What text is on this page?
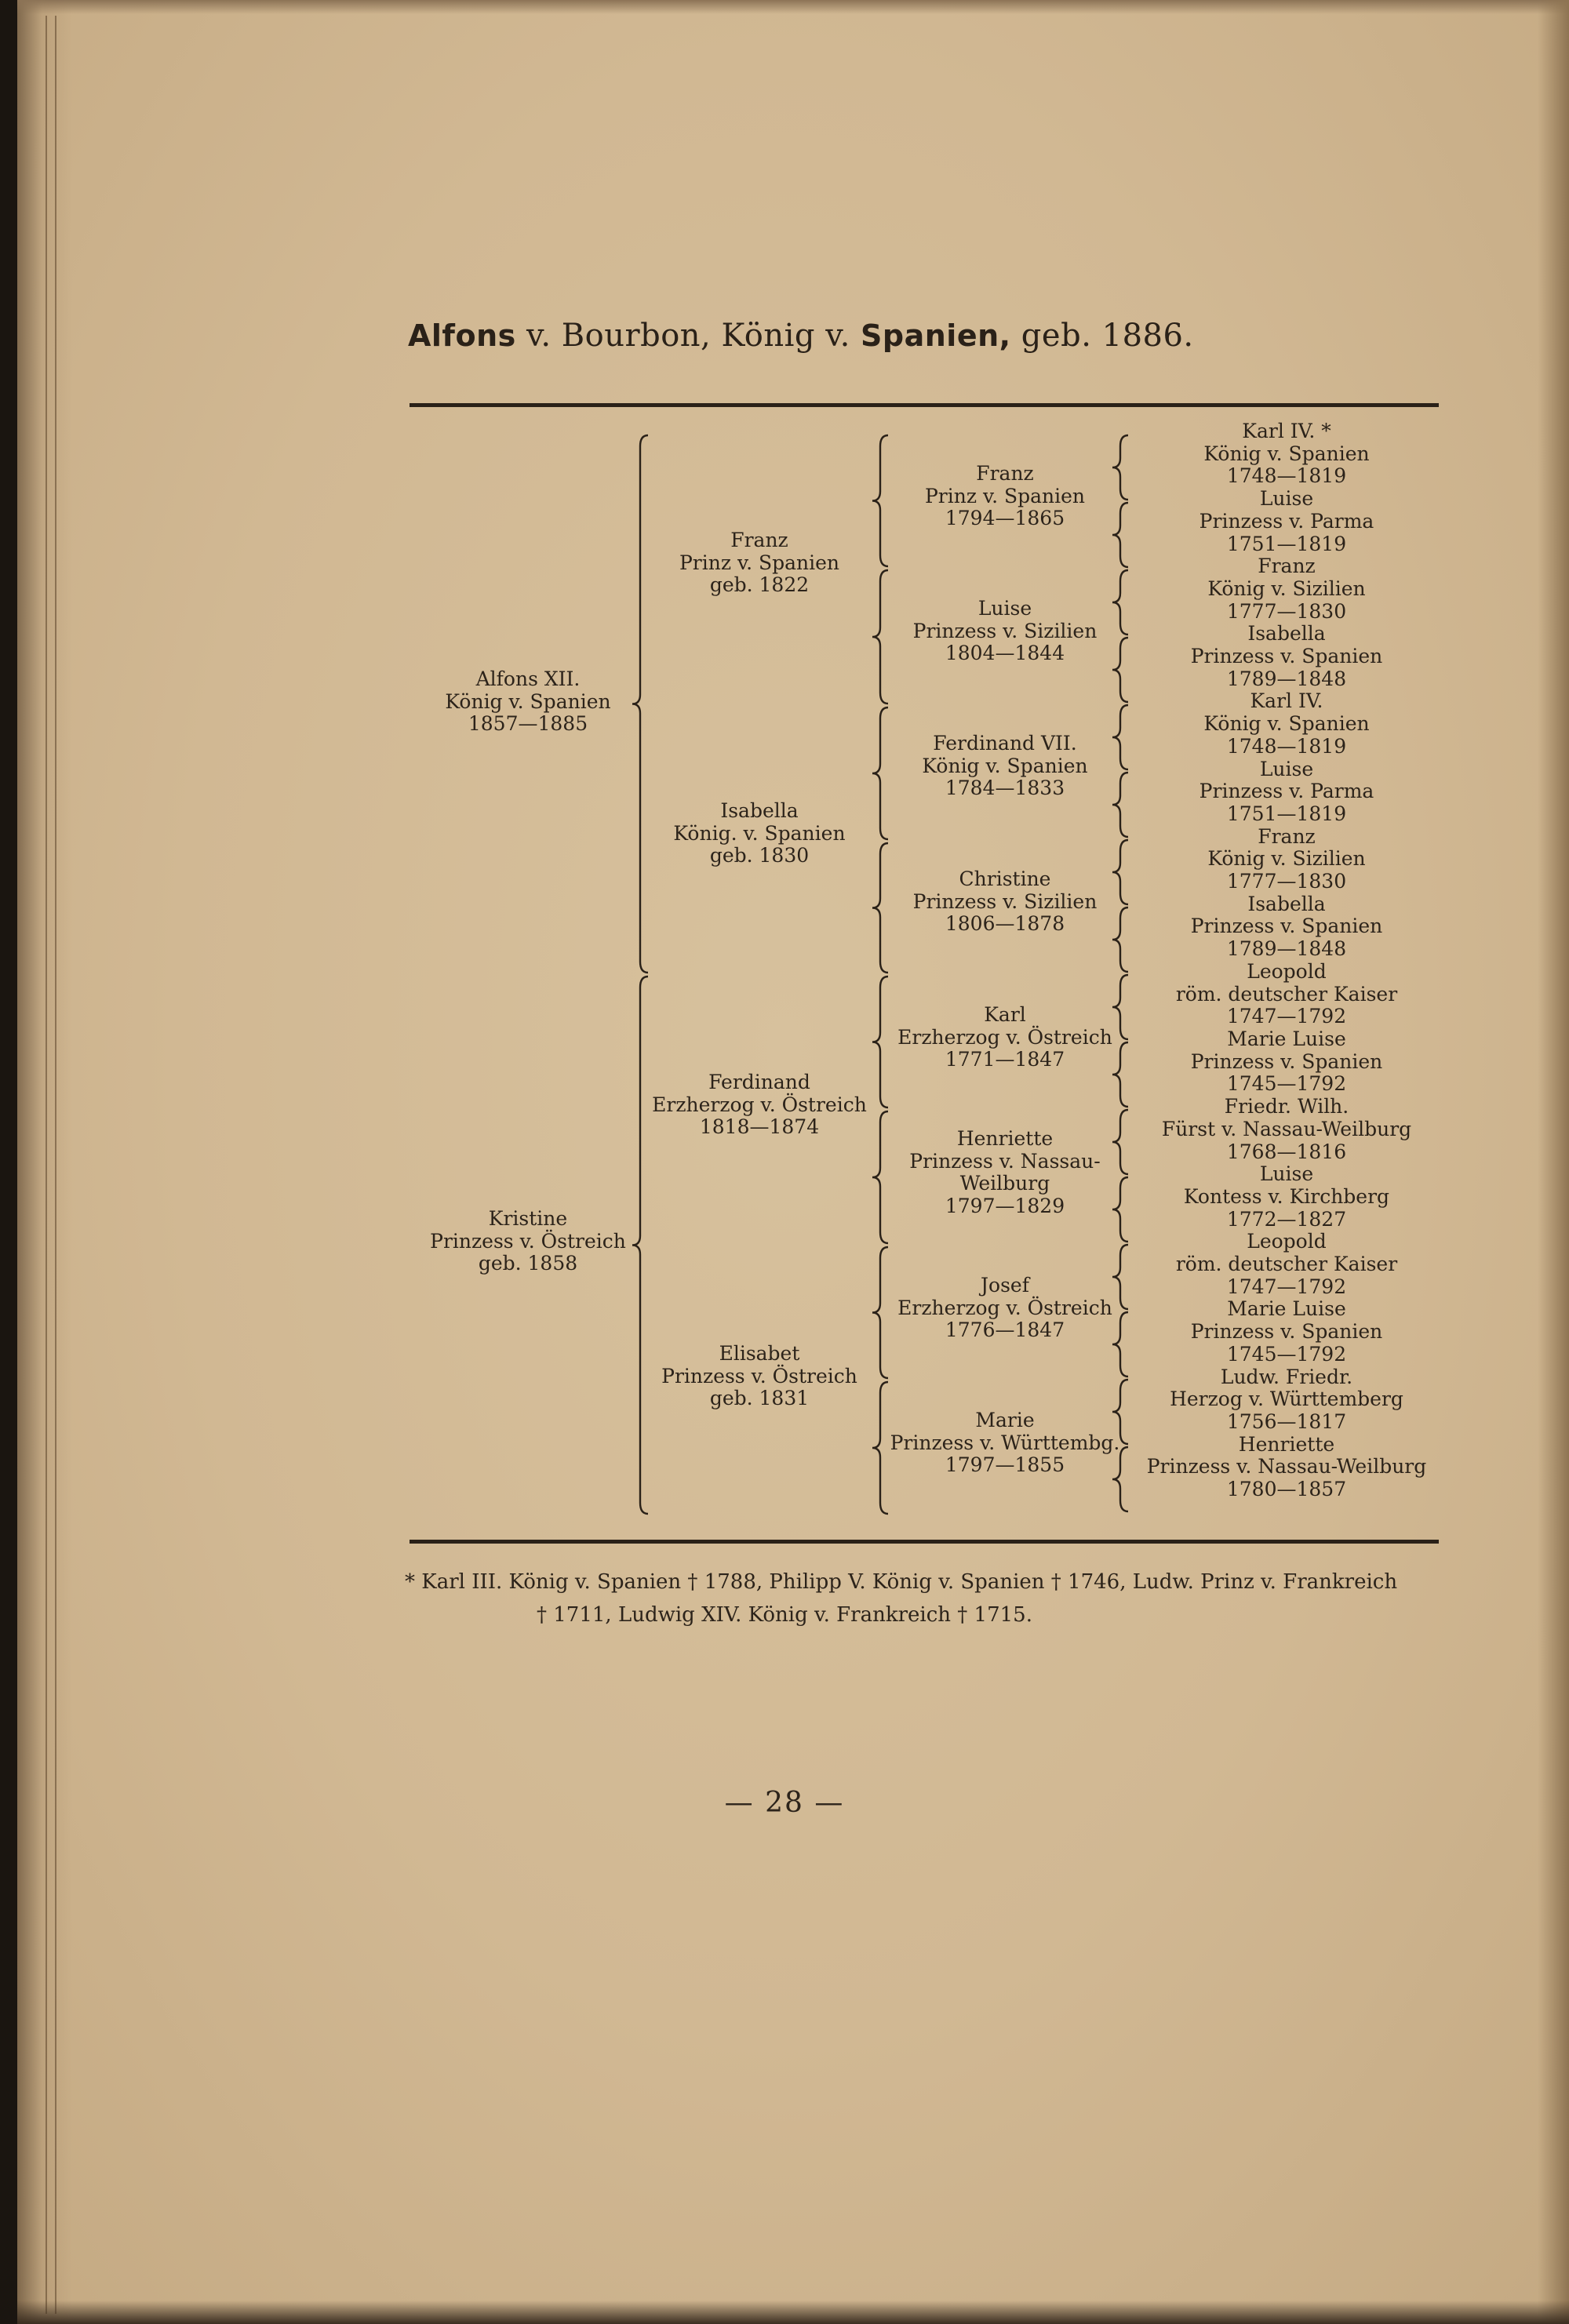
Alfons v. Bourbon, König v. Spanien, geb. 1886.
Alfons XII.
König v. Spanien
1857—1885
Kristine
Prinzess v. Östreich
geb. 1858
Franz
Prinz v. Spanien
geb. 1822
Isabella
König. v. Spanien
geb. 1830
Ferdinand
Erzherzog v. Östreich
1818—1874
Elisabet
Prinzess v. Östreich
geb. 1831
Franz
Prinz v. Spanien
1794—1865
Luise
Prinzess v. Sizilien
1804—1844
Ferdinand VII.
König v. Spanien
1784—1833
Christine
Prinzess v. Sizilien
1806—1878
Karl
Erzherzog v. Östreich
1771—1847
Henriette
Prinzess v. Nassau-
Weilburg
1797—1829
Josef
Erzherzog v. Östreich
1776—1847
Marie
Prinzess v. Württembg.
1797—1855
Karl IV. *
König v. Spanien
1748—1819
Luise
Prinzess v. Parma
1751—1819
Franz
König v. Sizilien
1777—1830
Isabella
Prinzess v. Spanien
1789—1848
Karl IV.
König v. Spanien
1748—1819
Luise
Prinzess v. Parma
1751—1819
Franz
König v. Sizilien
1777—1830
Isabella
Prinzess v. Spanien
1789—1848
Leopold
röm. deutscher Kaiser
1747—1792
Marie Luise
Prinzess v. Spanien
1745—1792
Friedr. Wilh.
Fürst v. Nassau-Weilburg
1768—1816
Luise
Kontess v. Kirchberg
1772—1827
Leopold
röm. deutscher Kaiser
1747—1792
Marie Luise
Prinzess v. Spanien
1745—1792
Ludw. Friedr.
Herzog v. Württemberg
1756—1817
Henriette
Prinzess v. Nassau-Weilburg
1780—1857
* Karl III. König v. Spanien † 1788, Philipp V. König v. Spanien † 1746, Ludw. Prinz v. Frankreich
† 1711, Ludwig XIV. König v. Frankreich † 1715.
— 28 —
